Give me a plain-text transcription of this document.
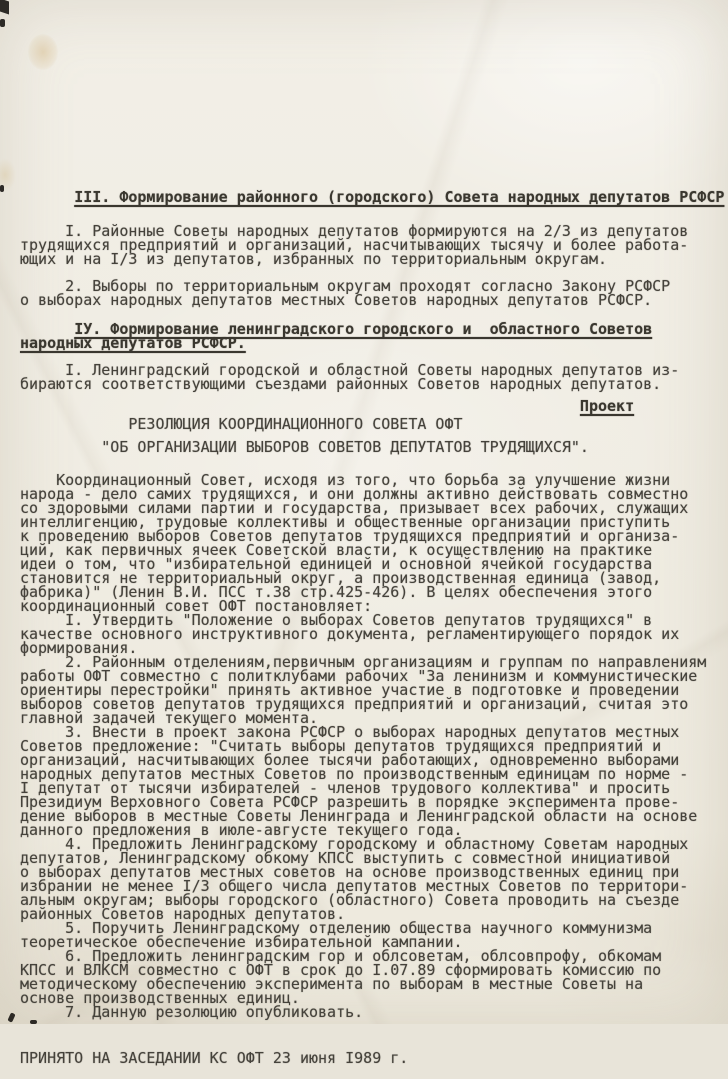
III. Формирование районного (городского) Совета народных депутатов РСФСР
I. Районные Советы народных депутатов формируются на 2/3 из депутатов
трудящихся предприятий и организаций, насчитывающих тысячу и более работа-
ющих и на I/3 из депутатов, избранных по территориальным округам.
2. Выборы по территориальным округам проходят согласно Закону РСФСР
о выборах народных депутатов местных Советов народных депутатов РСФСР.
IУ. Формирование ленинградского городского и  областного Советов
народных депутатов РСФСР.
I. Ленинградский городской и областной Советы народных депутатов из-
бираются соответствующими съездами районных Советов народных депутатов.
Проект
РЕЗОЛЮЦИЯ КООРДИНАЦИОННОГО СОВЕТА ОФТ
"ОБ ОРГАНИЗАЦИИ ВЫБОРОВ СОВЕТОВ ДЕПУТАТОВ ТРУДЯЩИХСЯ".
Координационный Совет, исходя из того, что борьба за улучшение жизни
народа - дело самих трудящихся, и они должны активно действовать совместно
со здоровыми силами партии и государства, призывает всех рабочих, служащих
интеллигенцию, трудовые коллективы и общественные организации приступить
к проведению выборов Советов депутатов трудящихся предприятий и организа-
ций, как первичных ячеек Советской власти, к осуществлению на практике
идеи о том, что "избирательной единицей и основной ячейкой государства
становится не территориальный округ, а производственная единица (завод,
фабрика)" (Ленин В.И. ПСС т.38 стр.425-426). В целях обеспечения этого
координационный совет ОФТ постановляет:
I. Утвердить "Положение о выборах Советов депутатов трудящихся" в
качестве основного инструктивного документа, регламентирующего порядок их
формирования.
2. Районным отделениям,первичным организациям и группам по направлениям
работы ОФТ совместно с политклубами рабочих "За ленинизм и коммунистические
ориентиры перестройки" принять активное участие в подготовке и проведении
выборов советов депутатов трудящихся предприятий и организаций, считая это
главной задачей текущего момента.
3. Внести в проект закона РСФСР о выборах народных депутатов местных
Советов предложение: "Считать выборы депутатов трудящихся предприятий и
организаций, насчитывающих более тысячи работающих, одновременно выборами
народных депутатов местных Советов по производственным единицам по норме -
I депутат от тысячи избирателей - членов трудового коллектива" и просить
Президиум Верховного Совета РСФСР разрешить в порядке эксперимента прове-
дение выборов в местные Советы Ленинграда и Ленинградской области на основе
данного предложения в июле-августе текущего года.
4. Предложить Ленинградскому городскому и областному Советам народных
депутатов, Ленинградскому обкому КПСС выступить с совместной инициативой
о выборах депутатов местных советов на основе производственных единиц при
избрании не менее I/3 общего числа депутатов местных Советов по территори-
альным округам; выборы городского (областного) Совета проводить на съезде
районных Советов народных депутатов.
5. Поручить Ленинградскому отделению общества научного коммунизма
теоретическое обеспечение избирательной кампании.
6. Предложить ленинградским гор и облсоветам, облсовпрофу, обкомам
КПСС и ВЛКСМ совместно с ОФТ в срок до I.07.89 сформировать комиссию по
методическому обеспечению эксперимента по выборам в местные Советы на
основе производственных единиц.
7. Данную резолюцию опубликовать.
ПРИНЯТО НА ЗАСЕДАНИИ КС ОФТ 23 июня I989 г.
